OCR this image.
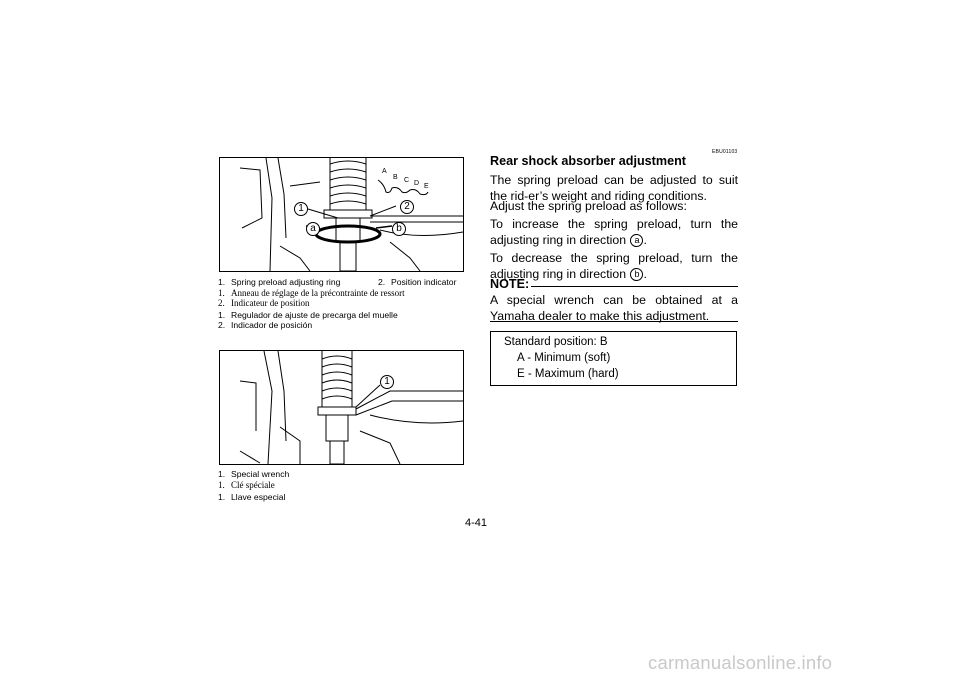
1	2
a	b
A
B C D E
1. Spring preload adjusting ring	2. Position indicator
1. Anneau de réglage de la précontrainte de ressort
2. Indicateur de position
1. Regulador de ajuste de precarga del muelle
2. Indicador de posición
1
1. Special wrench
1. Clé spéciale
1. Llave especial
EBU01103
Rear shock absorber adjustment
The spring preload can be adjusted to suit the rid-er’s weight and riding conditions.
Adjust the spring preload as follows:
To increase the spring preload, turn the adjusting ring in direction a .
To decrease the spring preload, turn the adjusting ring in direction b .
NOTE:
A special wrench can be obtained at a Yamaha dealer to make this adjustment.
Standard position: B
A - Minimum (soft)
E - Maximum (hard)
4-41
carmanualsonline.info
